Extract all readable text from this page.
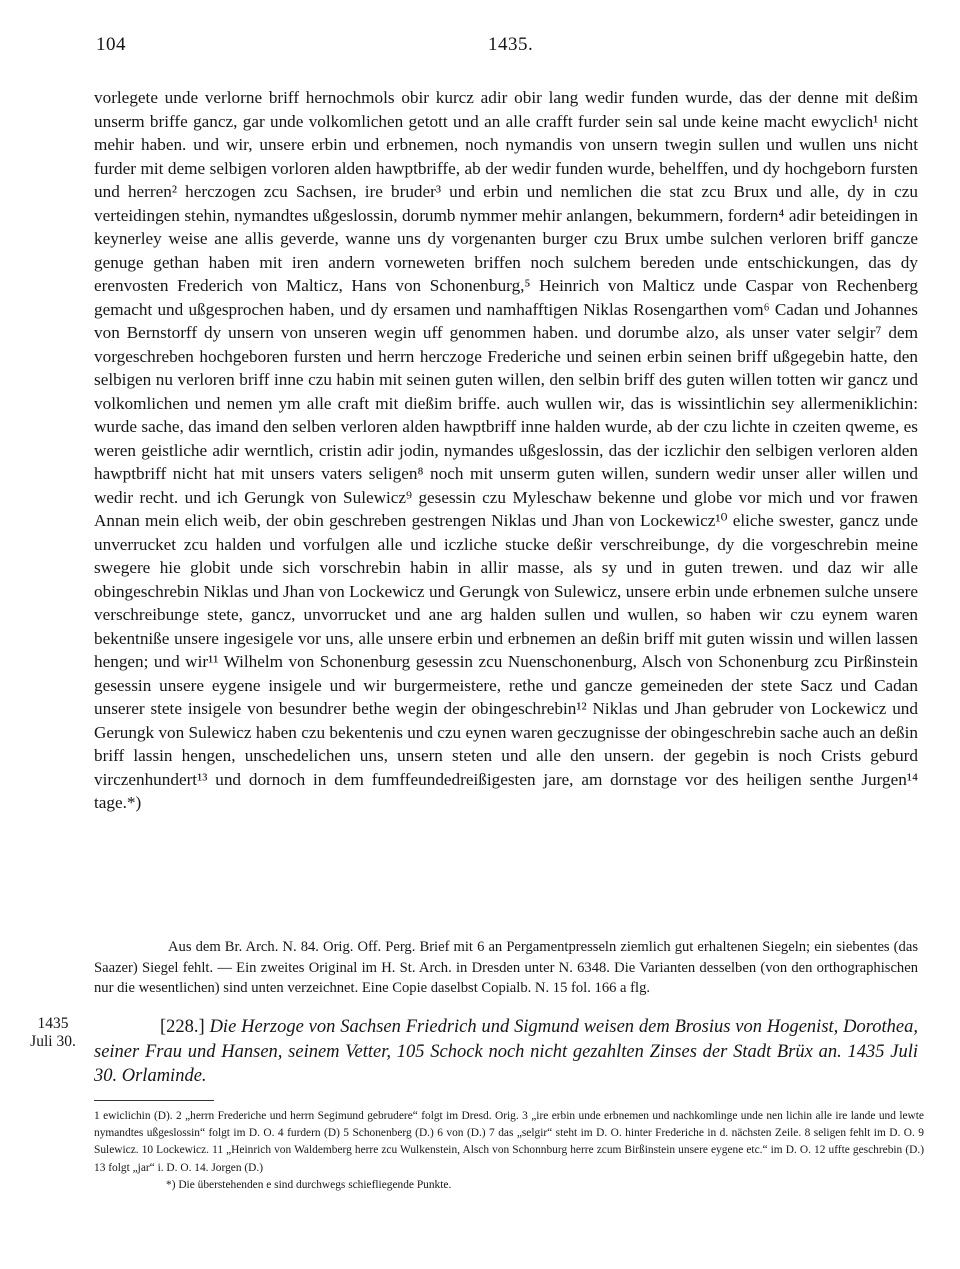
104	1435.

vorlegete unde verlorne briff hernochmols obir kurcz adir obir lang wedir funden wurde, das der denne mit deßim unserm briffe gancz, gar unde volkomlichen getott und an alle crafft furder sein sal unde keine macht ewyclich¹ nicht mehir haben. und wir, unsere erbin und erbnemen, noch nymandis von unsern twegin sullen und wullen uns nicht furder mit deme selbigen vorloren alden hawptbriffe, ab der wedir funden wurde, behelffen, und dy hochgeborn fursten und herren² herczogen zcu Sachsen, ire bruder³ und erbin und nemlichen die stat zcu Brux und alle, dy in czu verteidingen stehin, nymandtes ußgeslossin, dorumb nymmer mehir anlangen, bekummern, fordern⁴ adir beteidingen in keynerley weise ane allis geverde, wanne uns dy vorgenanten burger czu Brux umbe sulchen verloren briff gancze genuge gethan haben mit iren andern vorneweten briffen noch sulchem bereden unde entschickungen, das dy erenvosten Frederich von Malticz, Hans von Schonenburg,⁵ Heinrich von Malticz unde Caspar von Rechenberg gemacht und ußgesprochen haben, und dy ersamen und namhafftigen Niklas Rosengarthen vom⁶ Cadan und Johannes von Bernstorff dy unsern von unseren wegin uff genommen haben. und dorumbe alzo, als unser vater selgir⁷ dem vorgeschreben hochgeboren fursten und herrn herczoge Frederiche und seinen erbin seinen briff ußgegebin hatte, den selbigen nu verloren briff inne czu habin mit seinen guten willen, den selbin briff des guten willen totten wir gancz und volkomlichen und nemen ym alle craft mit dießim briffe. auch wullen wir, das is wissintlichin sey allermeniklichin: wurde sache, das imand den selben verloren alden hawptbriff inne halden wurde, ab der czu lichte in czeiten qweme, es weren geistliche adir werntlich, cristin adir jodin, nymandes ußgeslossin, das der iczlichir den selbigen verloren alden hawptbriff nicht hat mit unsers vaters seligen⁸ noch mit unserm guten willen, sundern wedir unser aller willen und wedir recht. und ich Gerungk von Sulewicz⁹ gesessin czu Myleschaw bekenne und globe vor mich und vor frawen Annan mein elich weib, der obin geschreben gestrengen Niklas und Jhan von Lockewicz¹⁰ eliche swester, gancz unde unverrucket zcu halden und vorfulgen alle und iczliche stucke deßir verschreibunge, dy die vorgeschrebin meine swegere hie globit unde sich vorschrebin habin in allir masse, als sy und in guten trewen. und daz wir alle obingeschrebin Niklas und Jhan von Lockewicz und Gerungk von Sulewicz, unsere erbin unde erbnemen sulche unsere verschreibunge stete, gancz, unvorrucket und ane arg halden sullen und wullen, so haben wir czu eynem waren bekentniße unsere ingesigele vor uns, alle unsere erbin und erbnemen an deßin briff mit guten wissin und willen lassen hengen; und wir¹¹ Wilhelm von Schonenburg gesessin zcu Nuenschonenburg, Alsch von Schonenburg zcu Pirßinstein gesessin unsere eygene insigele und wir burgermeistere, rethe und gancze gemeineden der stete Sacz und Cadan unserer stete insigele von besundrer bethe wegin der obingeschrebin¹² Niklas und Jhan gebruder von Lockewicz und Gerungk von Sulewicz haben czu bekentenis und czu eynen waren geczugnisse der obingeschrebin sache auch an deßin briff lassin hengen, unschedelichen uns, unsern steten und alle den unsern. der gegebin is noch Crists geburd virczenhundert¹³ und dornoch in dem fumffeundedreißigesten jare, am dornstage vor des heiligen senthe Jurgen¹⁴ tage.*)

Aus dem Br. Arch. N. 84. Orig. Off. Perg. Brief mit 6 an Pergamentpresseln ziemlich gut erhaltenen Siegeln; ein siebentes (das Saazer) Siegel fehlt. — Ein zweites Original im H. St. Arch. in Dresden unter N. 6348. Die Varianten desselben (von den orthographischen nur die wesentlichen) sind unten verzeichnet. Eine Copie daselbst Copialb. N. 15 fol. 166 a flg.

1435
Juli 30.

[228.] Die Herzoge von Sachsen Friedrich und Sigmund weisen dem Brosius von Hogenist, Dorothea, seiner Frau und Hansen, seinem Vetter, 105 Schock noch nicht gezahlten Zinses der Stadt Brüx an. 1435 Juli 30. Orlaminde.

1 ewiclichin (D). 2 „herrn Frederiche und herrn Segimund gebrudere“ folgt im Dresd. Orig. 3 „ire erbin unde erbnemen und nachkomlinge unde nen lichin alle ire lande und lewte nymandtes ußgeslossin“ folgt im D. O. 4 furdern (D) 5 Schonenberg (D.) 6 von (D.) 7 das „selgir“ steht im D. O. hinter Frederiche in d. nächsten Zeile. 8 seligen fehlt im D. O. 9 Sulewicz. 10 Lockewicz. 11 „Heinrich von Waldemberg herre zcu Wulkenstein, Alsch von Schonnburg herre zcum Birßinstein unsere eygene etc.“ im D. O. 12 uffte geschrebin (D.) 13 folgt „jar“ i. D. O. 14. Jorgen (D.)
*) Die überstehenden e sind durchwegs schiefliegende Punkte.
